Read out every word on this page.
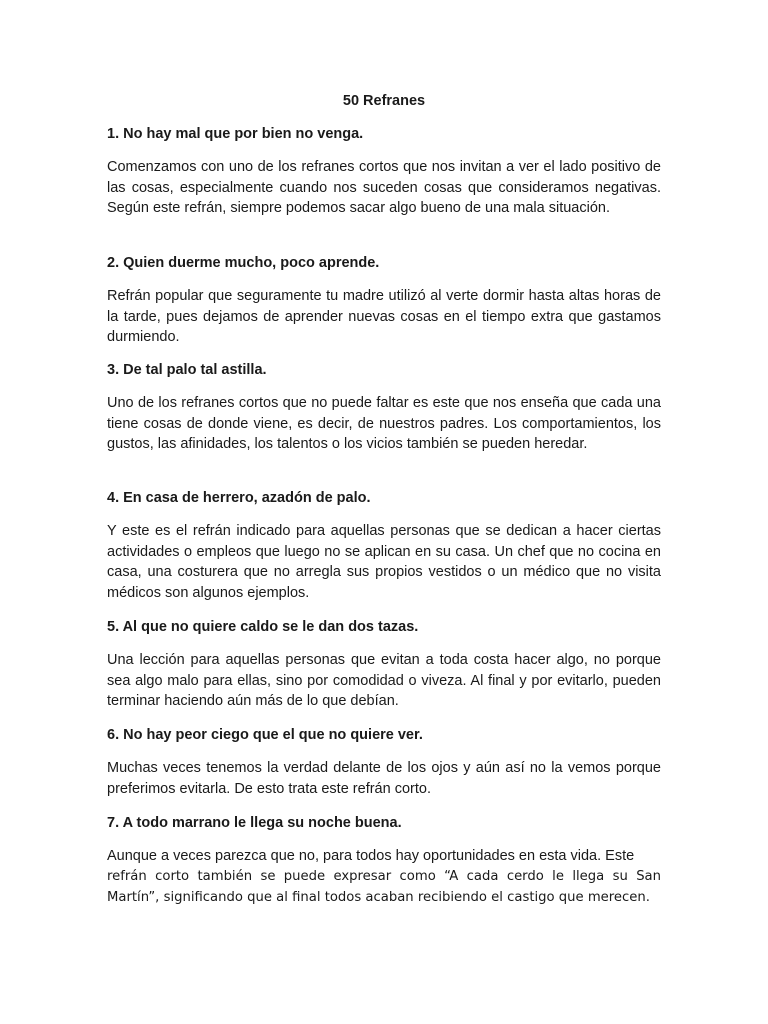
50 Refranes
1. No hay mal que por bien no venga.
Comenzamos con uno de los refranes cortos que nos invitan a ver el lado positivo de las cosas, especialmente cuando nos suceden cosas que consideramos negativas. Según este refrán, siempre podemos sacar algo bueno de una mala situación.
2. Quien duerme mucho, poco aprende.
Refrán popular que seguramente tu madre utilizó al verte dormir hasta altas horas de la tarde, pues dejamos de aprender nuevas cosas en el tiempo extra que gastamos durmiendo.
3. De tal palo tal astilla.
Uno de los refranes cortos que no puede faltar es este que nos enseña que cada una tiene cosas de donde viene, es decir, de nuestros padres. Los comportamientos, los gustos, las afinidades, los talentos o los vicios también se pueden heredar.
4. En casa de herrero, azadón de palo.
Y este es el refrán indicado para aquellas personas que se dedican a hacer ciertas actividades o empleos que luego no se aplican en su casa. Un chef que no cocina en casa, una costurera que no arregla sus propios vestidos o un médico que no visita médicos son algunos ejemplos.
5. Al que no quiere caldo se le dan dos tazas.
Una lección para aquellas personas que evitan a toda costa hacer algo, no porque sea algo malo para ellas, sino por comodidad o viveza. Al final y por evitarlo, pueden terminar haciendo aún más de lo que debían.
6. No hay peor ciego que el que no quiere ver.
Muchas veces tenemos la verdad delante de los ojos y aún así no la vemos porque preferimos evitarla. De esto trata este refrán corto.
7. A todo marrano le llega su noche buena.
Aunque a veces parezca que no, para todos hay oportunidades en esta vida. Este
refrán corto también se puede expresar como “A cada cerdo le llega su San Martín”, significando que al final todos acaban recibiendo el castigo que merecen.
